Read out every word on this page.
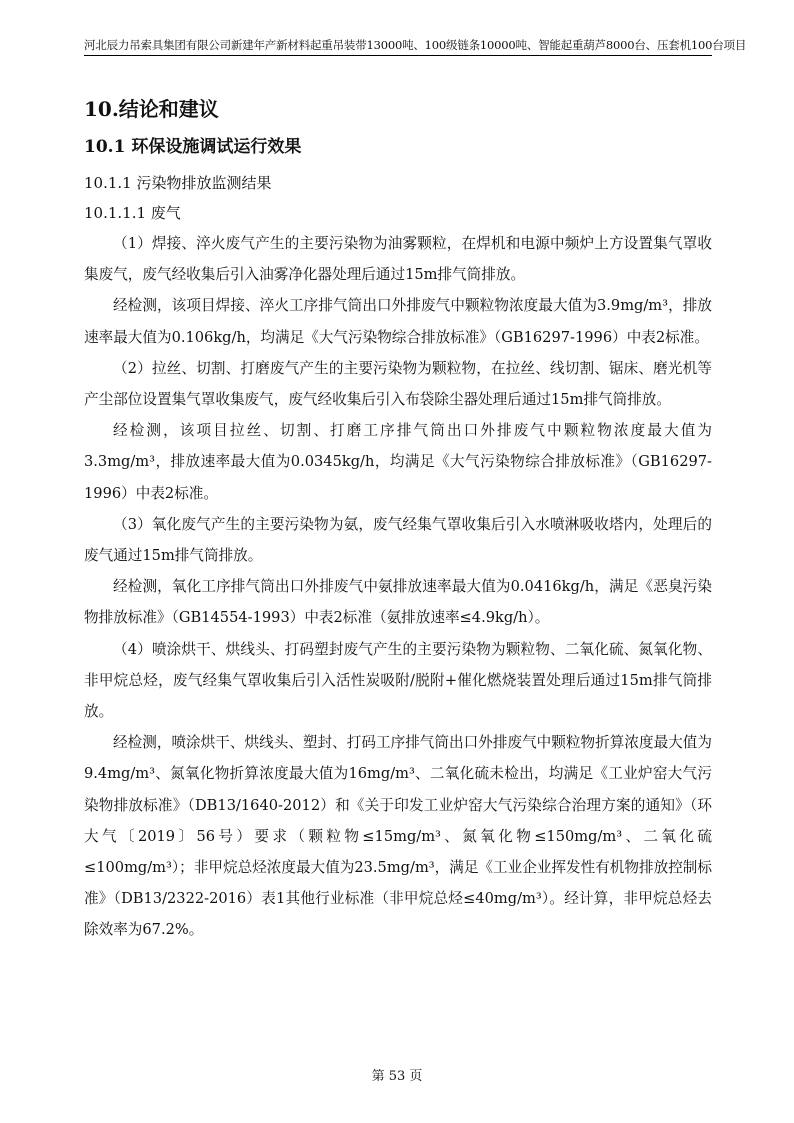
河北辰力吊索具集团有限公司新建年产新材料起重吊装带13000吨、100级链条10000吨、智能起重葫芦8000台、压套机100台项目
10.结论和建议
10.1 环保设施调试运行效果
10.1.1 污染物排放监测结果
10.1.1.1 废气

（1）焊接、淬火废气产生的主要污染物为油雾颗粒，在焊机和电源中频炉上方设置集气罩收集废气，废气经收集后引入油雾净化器处理后通过15m排气筒排放。

经检测，该项目焊接、淬火工序排气筒出口外排废气中颗粒物浓度最大值为3.9mg/m³，排放速率最大值为0.106kg/h，均满足《大气污染物综合排放标准》（GB16297-1996）中表2标准。

（2）拉丝、切割、打磨废气产生的主要污染物为颗粒物，在拉丝、线切割、锯床、磨光机等产尘部位设置集气罩收集废气，废气经收集后引入布袋除尘器处理后通过15m排气筒排放。

经检测，该项目拉丝、切割、打磨工序排气筒出口外排废气中颗粒物浓度最大值为3.3mg/m³，排放速率最大值为0.0345kg/h，均满足《大气污染物综合排放标准》（GB16297-1996）中表2标准。

（3）氧化废气产生的主要污染物为氨，废气经集气罩收集后引入水喷淋吸收塔内，处理后的废气通过15m排气筒排放。

经检测，氧化工序排气筒出口外排废气中氨排放速率最大值为0.0416kg/h，满足《恶臭污染物排放标准》（GB14554-1993）中表2标准（氨排放速率≤4.9kg/h）。

（4）喷涂烘干、烘线头、打码塑封废气产生的主要污染物为颗粒物、二氧化硫、氮氧化物、非甲烷总烃，废气经集气罩收集后引入活性炭吸附/脱附+催化燃烧装置处理后通过15m排气筒排放。

经检测，喷涂烘干、烘线头、塑封、打码工序排气筒出口外排废气中颗粒物折算浓度最大值为9.4mg/m³、氮氧化物折算浓度最大值为16mg/m³、二氧化硫未检出，均满足《工业炉窑大气污染物排放标准》（DB13/1640-2012）和《关于印发工业炉窑大气污染综合治理方案的通知》（环大气〔2019〕56号）要求（颗粒物≤15mg/m³、氮氧化物≤150mg/m³、二氧化硫≤100mg/m³）；非甲烷总烃浓度最大值为23.5mg/m³，满足《工业企业挥发性有机物排放控制标准》（DB13/2322-2016）表1其他行业标准（非甲烷总烃≤40mg/m³）。经计算，非甲烷总烃去除效率为67.2%。

第 53 页
